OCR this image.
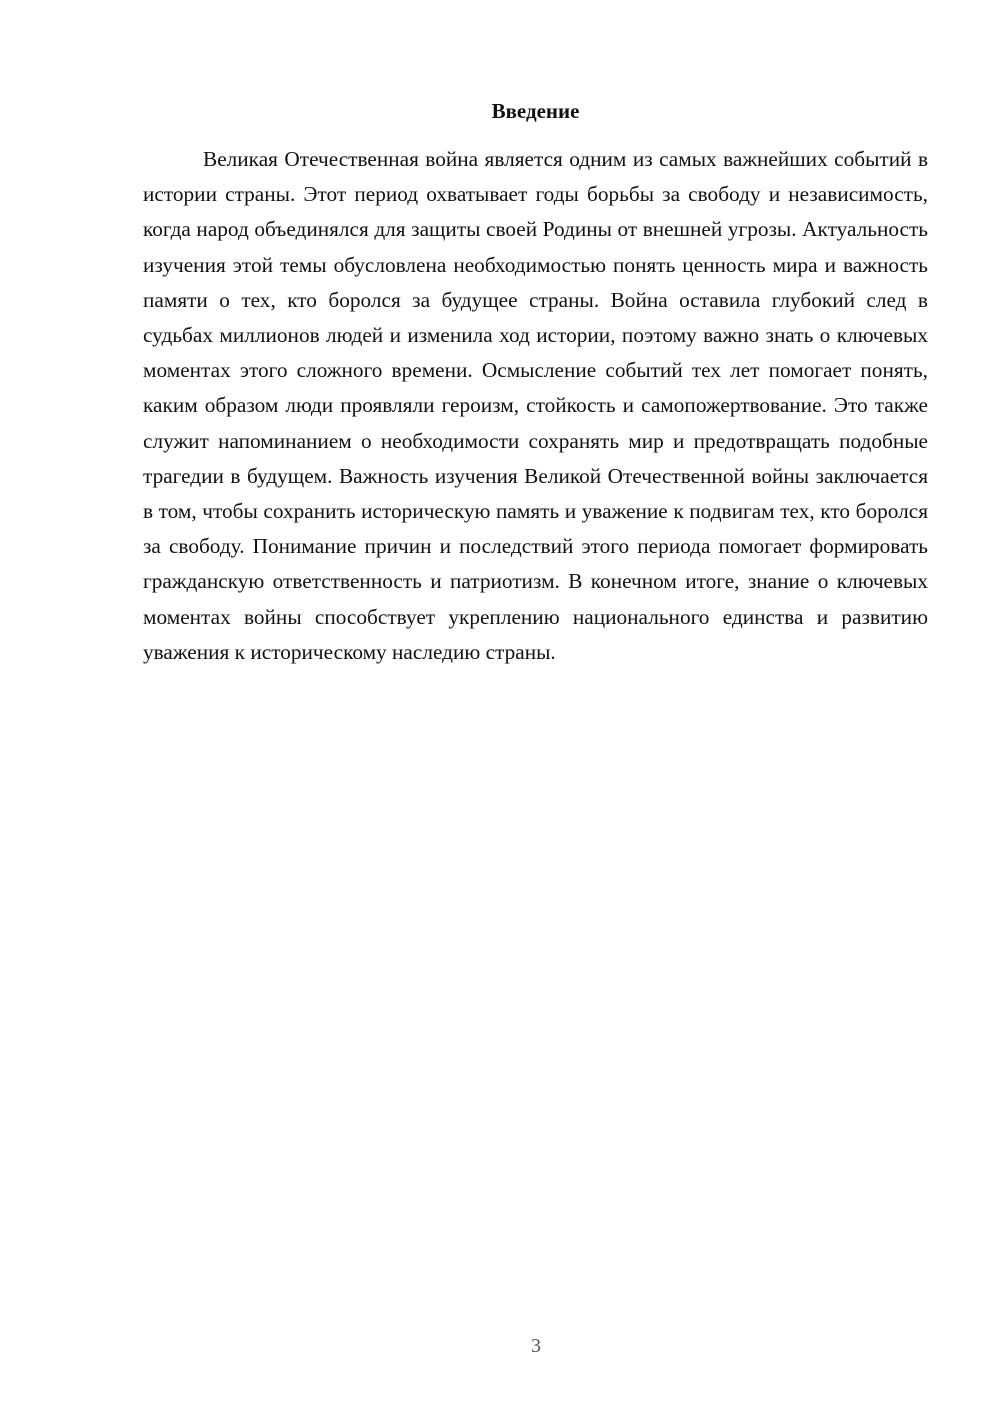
Введение

Великая Отечественная война является одним из самых важнейших событий в истории страны. Этот период охватывает годы борьбы за свободу и независимость, когда народ объединялся для защиты своей Родины от внешней угрозы. Актуальность изучения этой темы обусловлена необходимостью понять ценность мира и важность памяти о тех, кто боролся за будущее страны. Война оставила глубокий след в судьбах миллионов людей и изменила ход истории, поэтому важно знать о ключевых моментах этого сложного времени. Осмысление событий тех лет помогает понять, каким образом люди проявляли героизм, стойкость и самопожертвование. Это также служит напоминанием о необходимости сохранять мир и предотвращать подобные трагедии в будущем. Важность изучения Великой Отечественной войны заключается в том, чтобы сохранить историческую память и уважение к подвигам тех, кто боролся за свободу. Понимание причин и последствий этого периода помогает формировать гражданскую ответственность и патриотизм. В конечном итоге, знание о ключевых моментах войны способствует укреплению национального единства и развитию уважения к историческому наследию страны.

3
